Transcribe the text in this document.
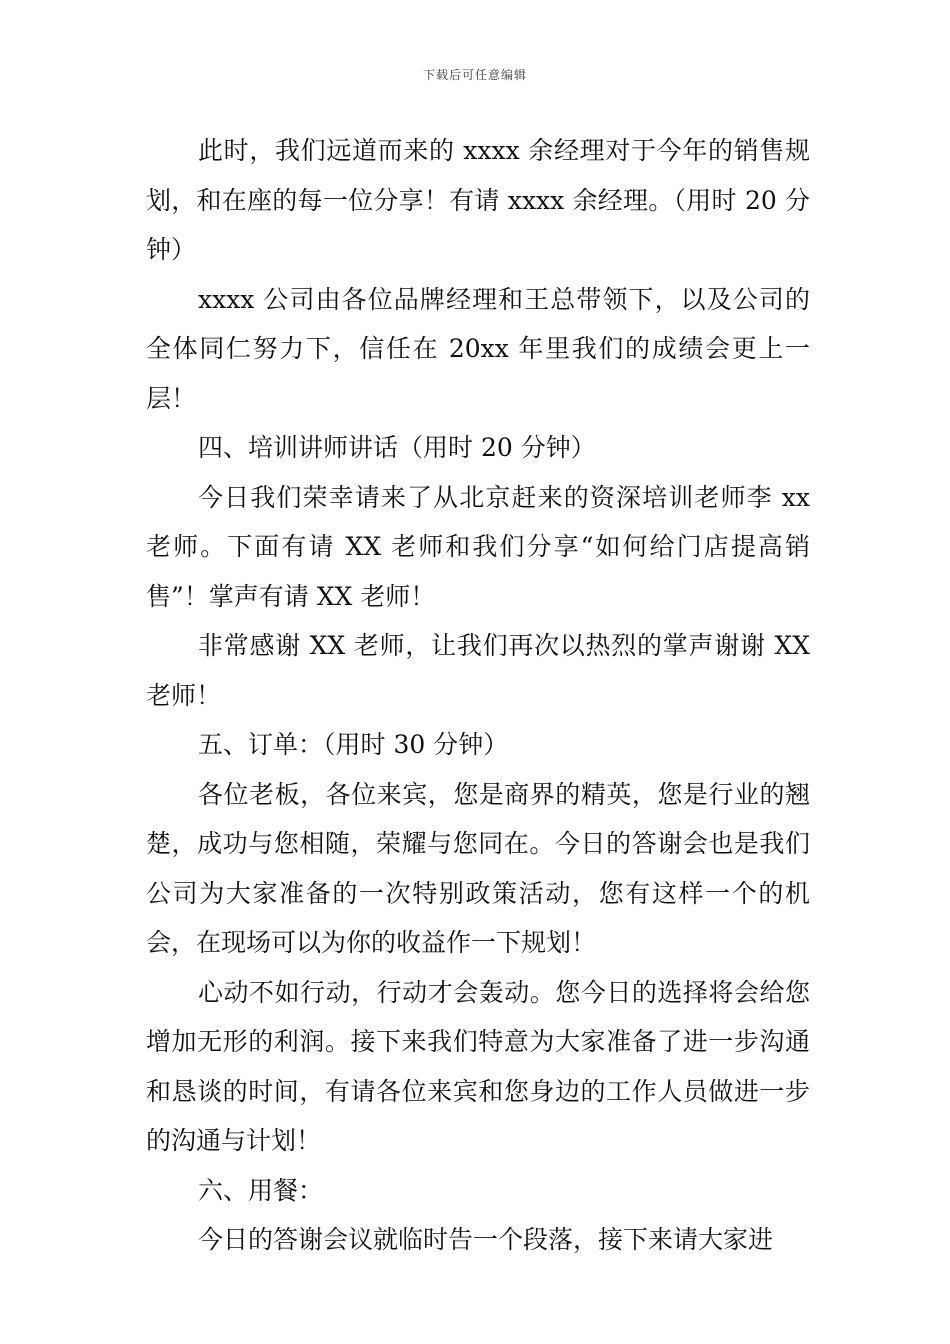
下载后可任意编辑

此时，我们远道而来的 xxxx 余经理对于今年的销售规划，和在座的每一位分享！有请 xxxx 余经理。（用时 20 分钟）

xxxx 公司由各位品牌经理和王总带领下，以及公司的全体同仁努力下，信任在 20xx 年里我们的成绩会更上一层！

四、培训讲师讲话（用时 20 分钟）

今日我们荣幸请来了从北京赶来的资深培训老师李 xx 老师。下面有请 XX 老师和我们分享“如何给门店提高销售”！掌声有请 XX 老师！

非常感谢 XX 老师，让我们再次以热烈的掌声谢谢 XX 老师！

五、订单：（用时 30 分钟）

各位老板，各位来宾，您是商界的精英，您是行业的翘楚，成功与您相随，荣耀与您同在。今日的答谢会也是我们公司为大家准备的一次特别政策活动，您有这样一个的机会，在现场可以为你的收益作一下规划！

心动不如行动，行动才会轰动。您今日的选择将会给您增加无形的利润。接下来我们特意为大家准备了进一步沟通和恳谈的时间，有请各位来宾和您身边的工作人员做进一步的沟通与计划！

六、用餐：

今日的答谢会议就临时告一个段落，接下来请大家进
